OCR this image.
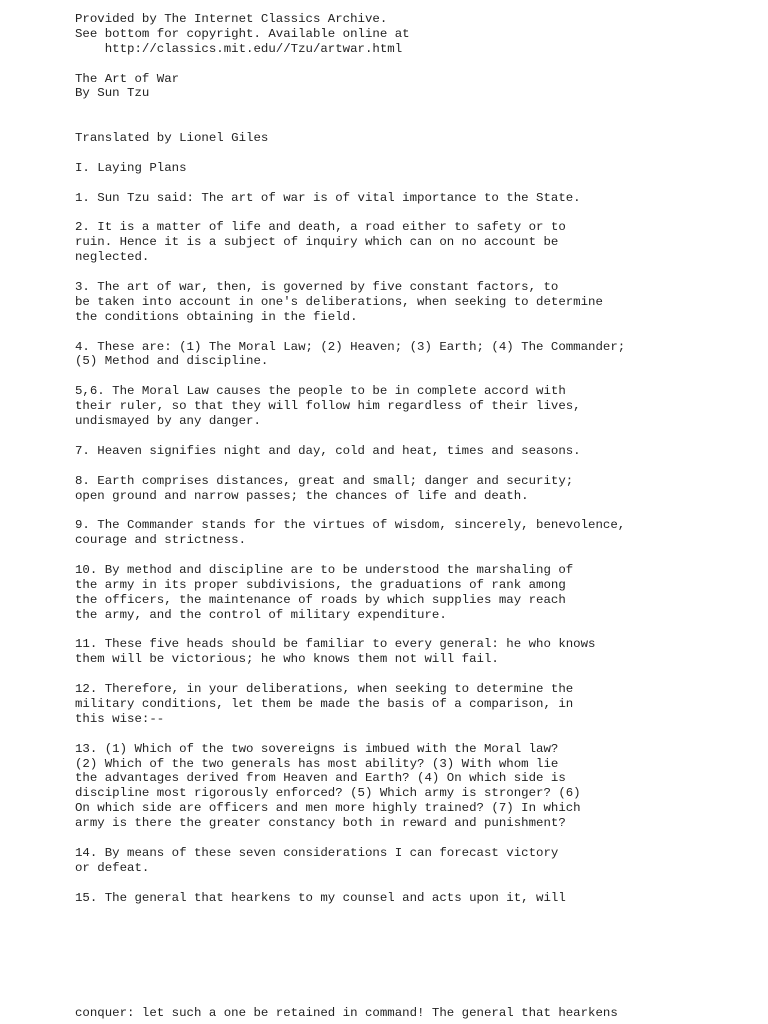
Provided by The Internet Classics Archive.
See bottom for copyright. Available online at
http://classics.mit.edu//Tzu/artwar.html
The Art of War
By Sun Tzu
Translated by Lionel Giles
I. Laying Plans
1. Sun Tzu said: The art of war is of vital importance to the State.
2. It is a matter of life and death, a road either to safety or to
ruin. Hence it is a subject of inquiry which can on no account be
neglected.
3. The art of war, then, is governed by five constant factors, to
be taken into account in one's deliberations, when seeking to determine
the conditions obtaining in the field.
4. These are: (1) The Moral Law; (2) Heaven; (3) Earth; (4) The Commander;
(5) Method and discipline.
5,6. The Moral Law causes the people to be in complete accord with
their ruler, so that they will follow him regardless of their lives,
undismayed by any danger.
7. Heaven signifies night and day, cold and heat, times and seasons.
8. Earth comprises distances, great and small; danger and security;
open ground and narrow passes; the chances of life and death.
9. The Commander stands for the virtues of wisdom, sincerely, benevolence,
courage and strictness.
10. By method and discipline are to be understood the marshaling of
the army in its proper subdivisions, the graduations of rank among
the officers, the maintenance of roads by which supplies may reach
the army, and the control of military expenditure.
11. These five heads should be familiar to every general: he who knows
them will be victorious; he who knows them not will fail.
12. Therefore, in your deliberations, when seeking to determine the
military conditions, let them be made the basis of a comparison, in
this wise:--
13. (1) Which of the two sovereigns is imbued with the Moral law?
(2) Which of the two generals has most ability? (3) With whom lie
the advantages derived from Heaven and Earth? (4) On which side is
discipline most rigorously enforced? (5) Which army is stronger? (6)
On which side are officers and men more highly trained? (7) In which
army is there the greater constancy both in reward and punishment?
14. By means of these seven considerations I can forecast victory
or defeat.
15. The general that hearkens to my counsel and acts upon it, will
conquer: let such a one be retained in command! The general that hearkens
